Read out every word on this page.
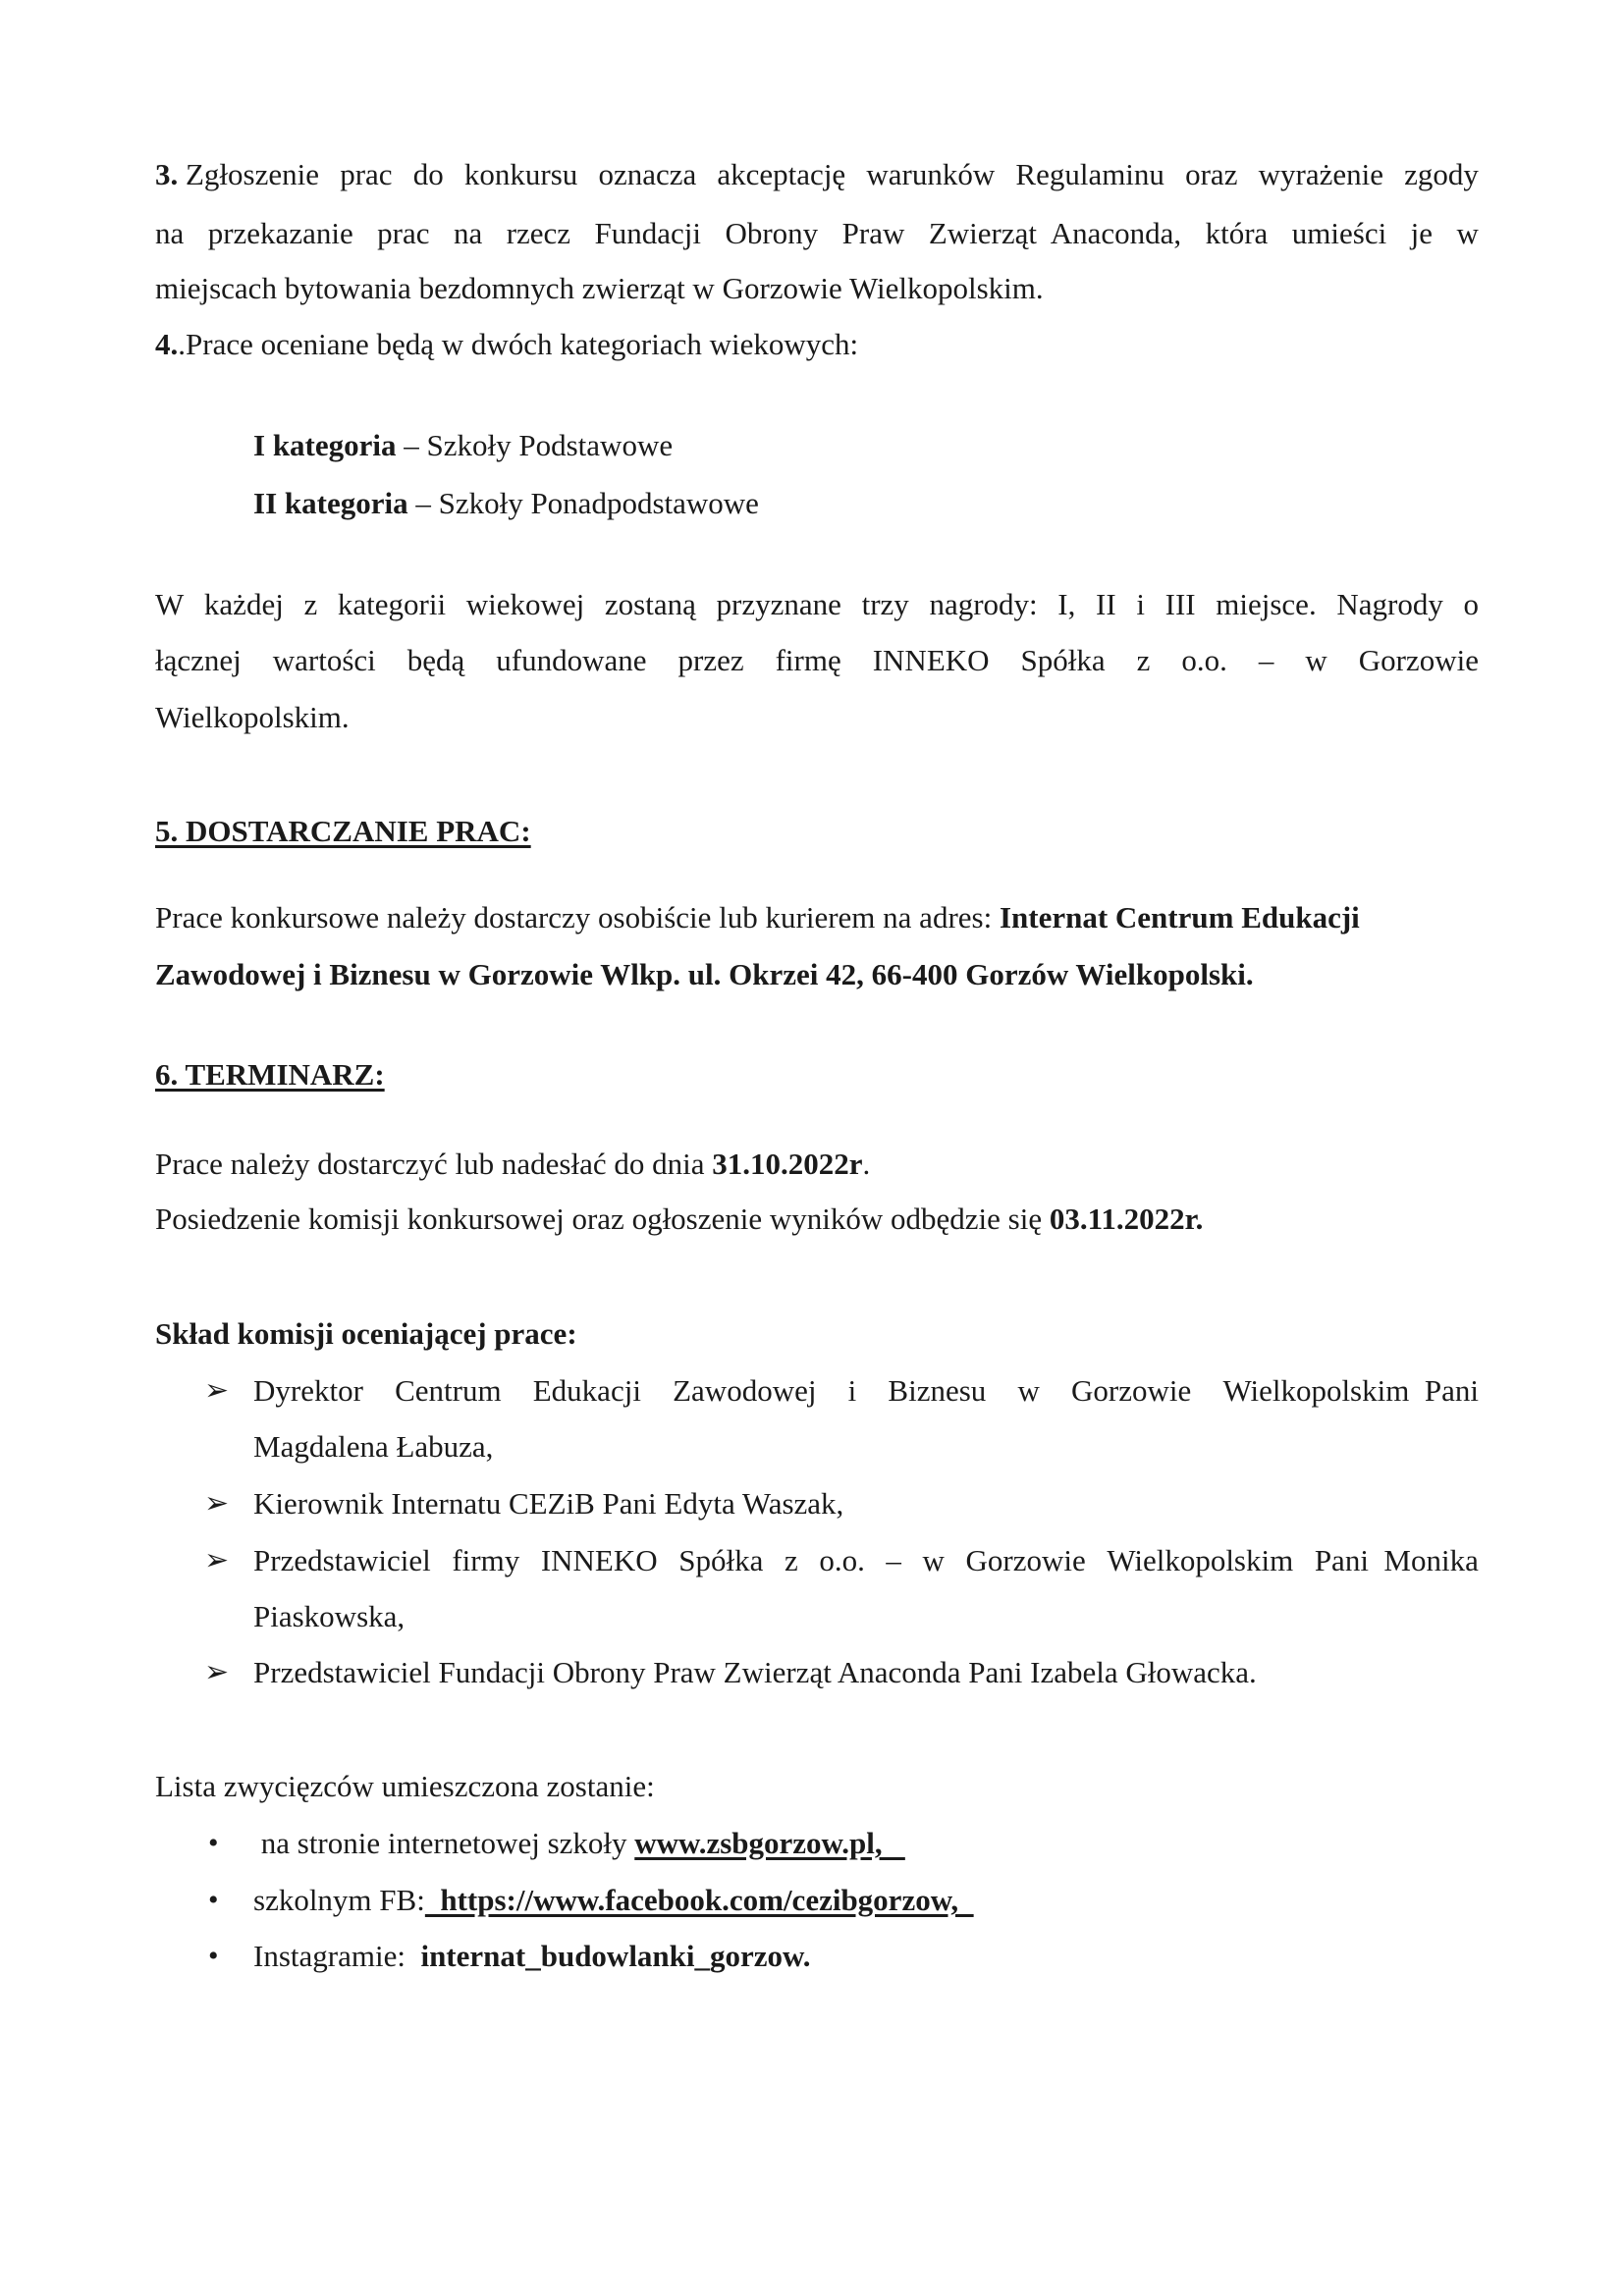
3. Zgłoszenie prac do konkursu oznacza akceptację warunków Regulaminu oraz wyrażenie zgody
na przekazanie prac na rzecz Fundacji Obrony Praw Zwierząt  Anaconda, która umieści je w
miejscach bytowania bezdomnych zwierząt w Gorzowie Wielkopolskim.
4..Prace oceniane będą w dwóch kategoriach wiekowych:
I kategoria – Szkoły Podstawowe
II kategoria – Szkoły Ponadpodstawowe
W każdej z kategorii wiekowej zostaną przyznane trzy nagrody: I, II i III miejsce. Nagrody o
łącznej wartości będą ufundowane przez firmę INNEKO Spółka z o.o. – w Gorzowie
Wielkopolskim.
5. DOSTARCZANIE PRAC:
Prace konkursowe należy dostarczy osobiście lub kurierem na adres: Internat Centrum Edukacji
Zawodowej i Biznesu w Gorzowie Wlkp. ul. Okrzei 42, 66-400 Gorzów Wielkopolski.
6. TERMINARZ:
Prace należy dostarczyć lub nadesłać do dnia 31.10.2022r.
Posiedzenie komisji konkursowej oraz ogłoszenie wyników odbędzie się 03.11.2022r.
Skład komisji oceniającej prace:
➢ Dyrektor Centrum Edukacji Zawodowej i Biznesu w Gorzowie Wielkopolskim  Pani
Magdalena Łabuza,
➢ Kierownik Internatu CEZiB Pani Edyta Waszak,
➢ Przedstawiciel firmy INNEKO Spółka z o.o. – w Gorzowie Wielkopolskim Pani  Monika
Piaskowska,
➢ Przedstawiciel Fundacji Obrony Praw Zwierząt Anaconda Pani Izabela Głowacka.
Lista zwycięzców umieszczona zostanie:
• na stronie internetowej szkoły www.zsbgorzow.pl,
• szkolnym FB:  https://www.facebook.com/cezibgorzow,
• Instagramie:  internat_budowlanki_gorzow.
